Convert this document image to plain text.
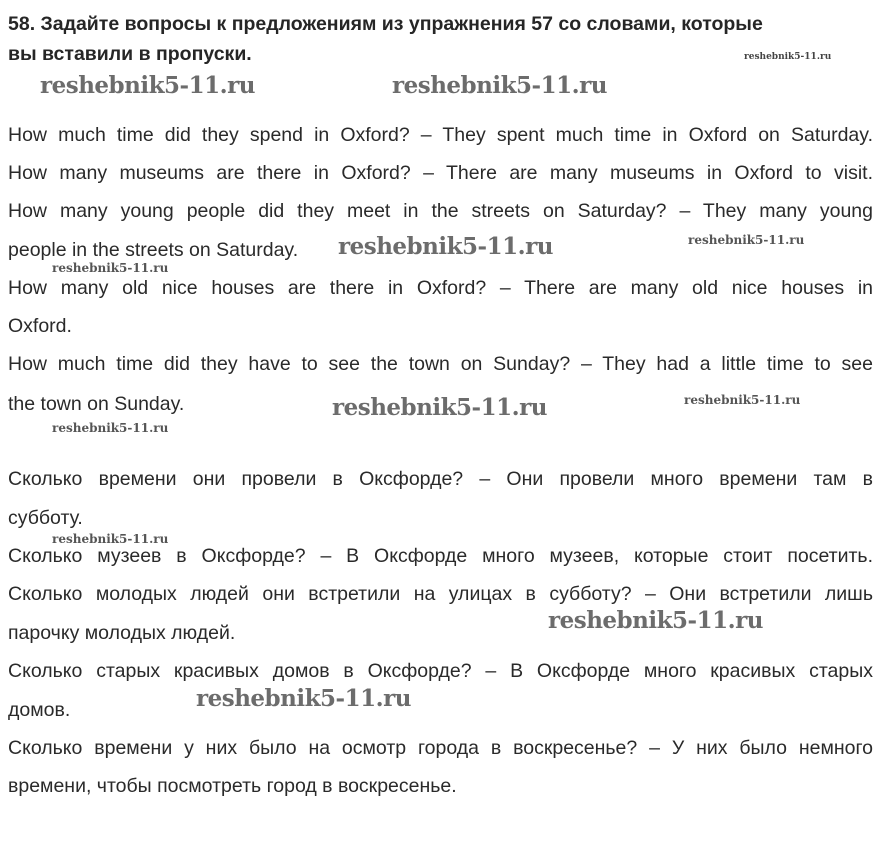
58. Задайте вопросы к предложениям из упражнения 57 со словами, которые
вы вставили в пропуски.

How much time did they spend in Oxford? – They spent much time in Oxford on Saturday.

How many museums are there in Oxford? – There are many museums in Oxford to visit.

How many young people did they meet in the streets on Saturday? – They many young

people in the streets on Saturday.

How many old nice houses are there in Oxford? – There are many old nice houses in

Oxford.

How much time did they have to see the town on Sunday? – They had a little time to see

the town on Sunday.

Сколько времени они провели в Оксфорде? – Они провели много времени там в

субботу.

Сколько музеев в Оксфорде? – В Оксфорде много музеев, которые стоит посетить.

Сколько молодых людей они встретили на улицах в субботу? – Они встретили лишь

парочку молодых людей.

Сколько старых красивых домов в Оксфорде? – В Оксфорде много красивых старых

домов.

Сколько времени у них было на осмотр города в воскресенье? – У них было немного

времени, чтобы посмотреть город в воскресенье.

reshebnik5-11.ru
reshebnik5-11.ru	reshebnik5-11.ru
reshebnik5-11.ru	reshebnik5-11.ru
reshebnik5-11.ru
reshebnik5-11.ru	reshebnik5-11.ru
reshebnik5-11.ru
reshebnik5-11.ru
reshebnik5-11.ru
reshebnik5-11.ru
